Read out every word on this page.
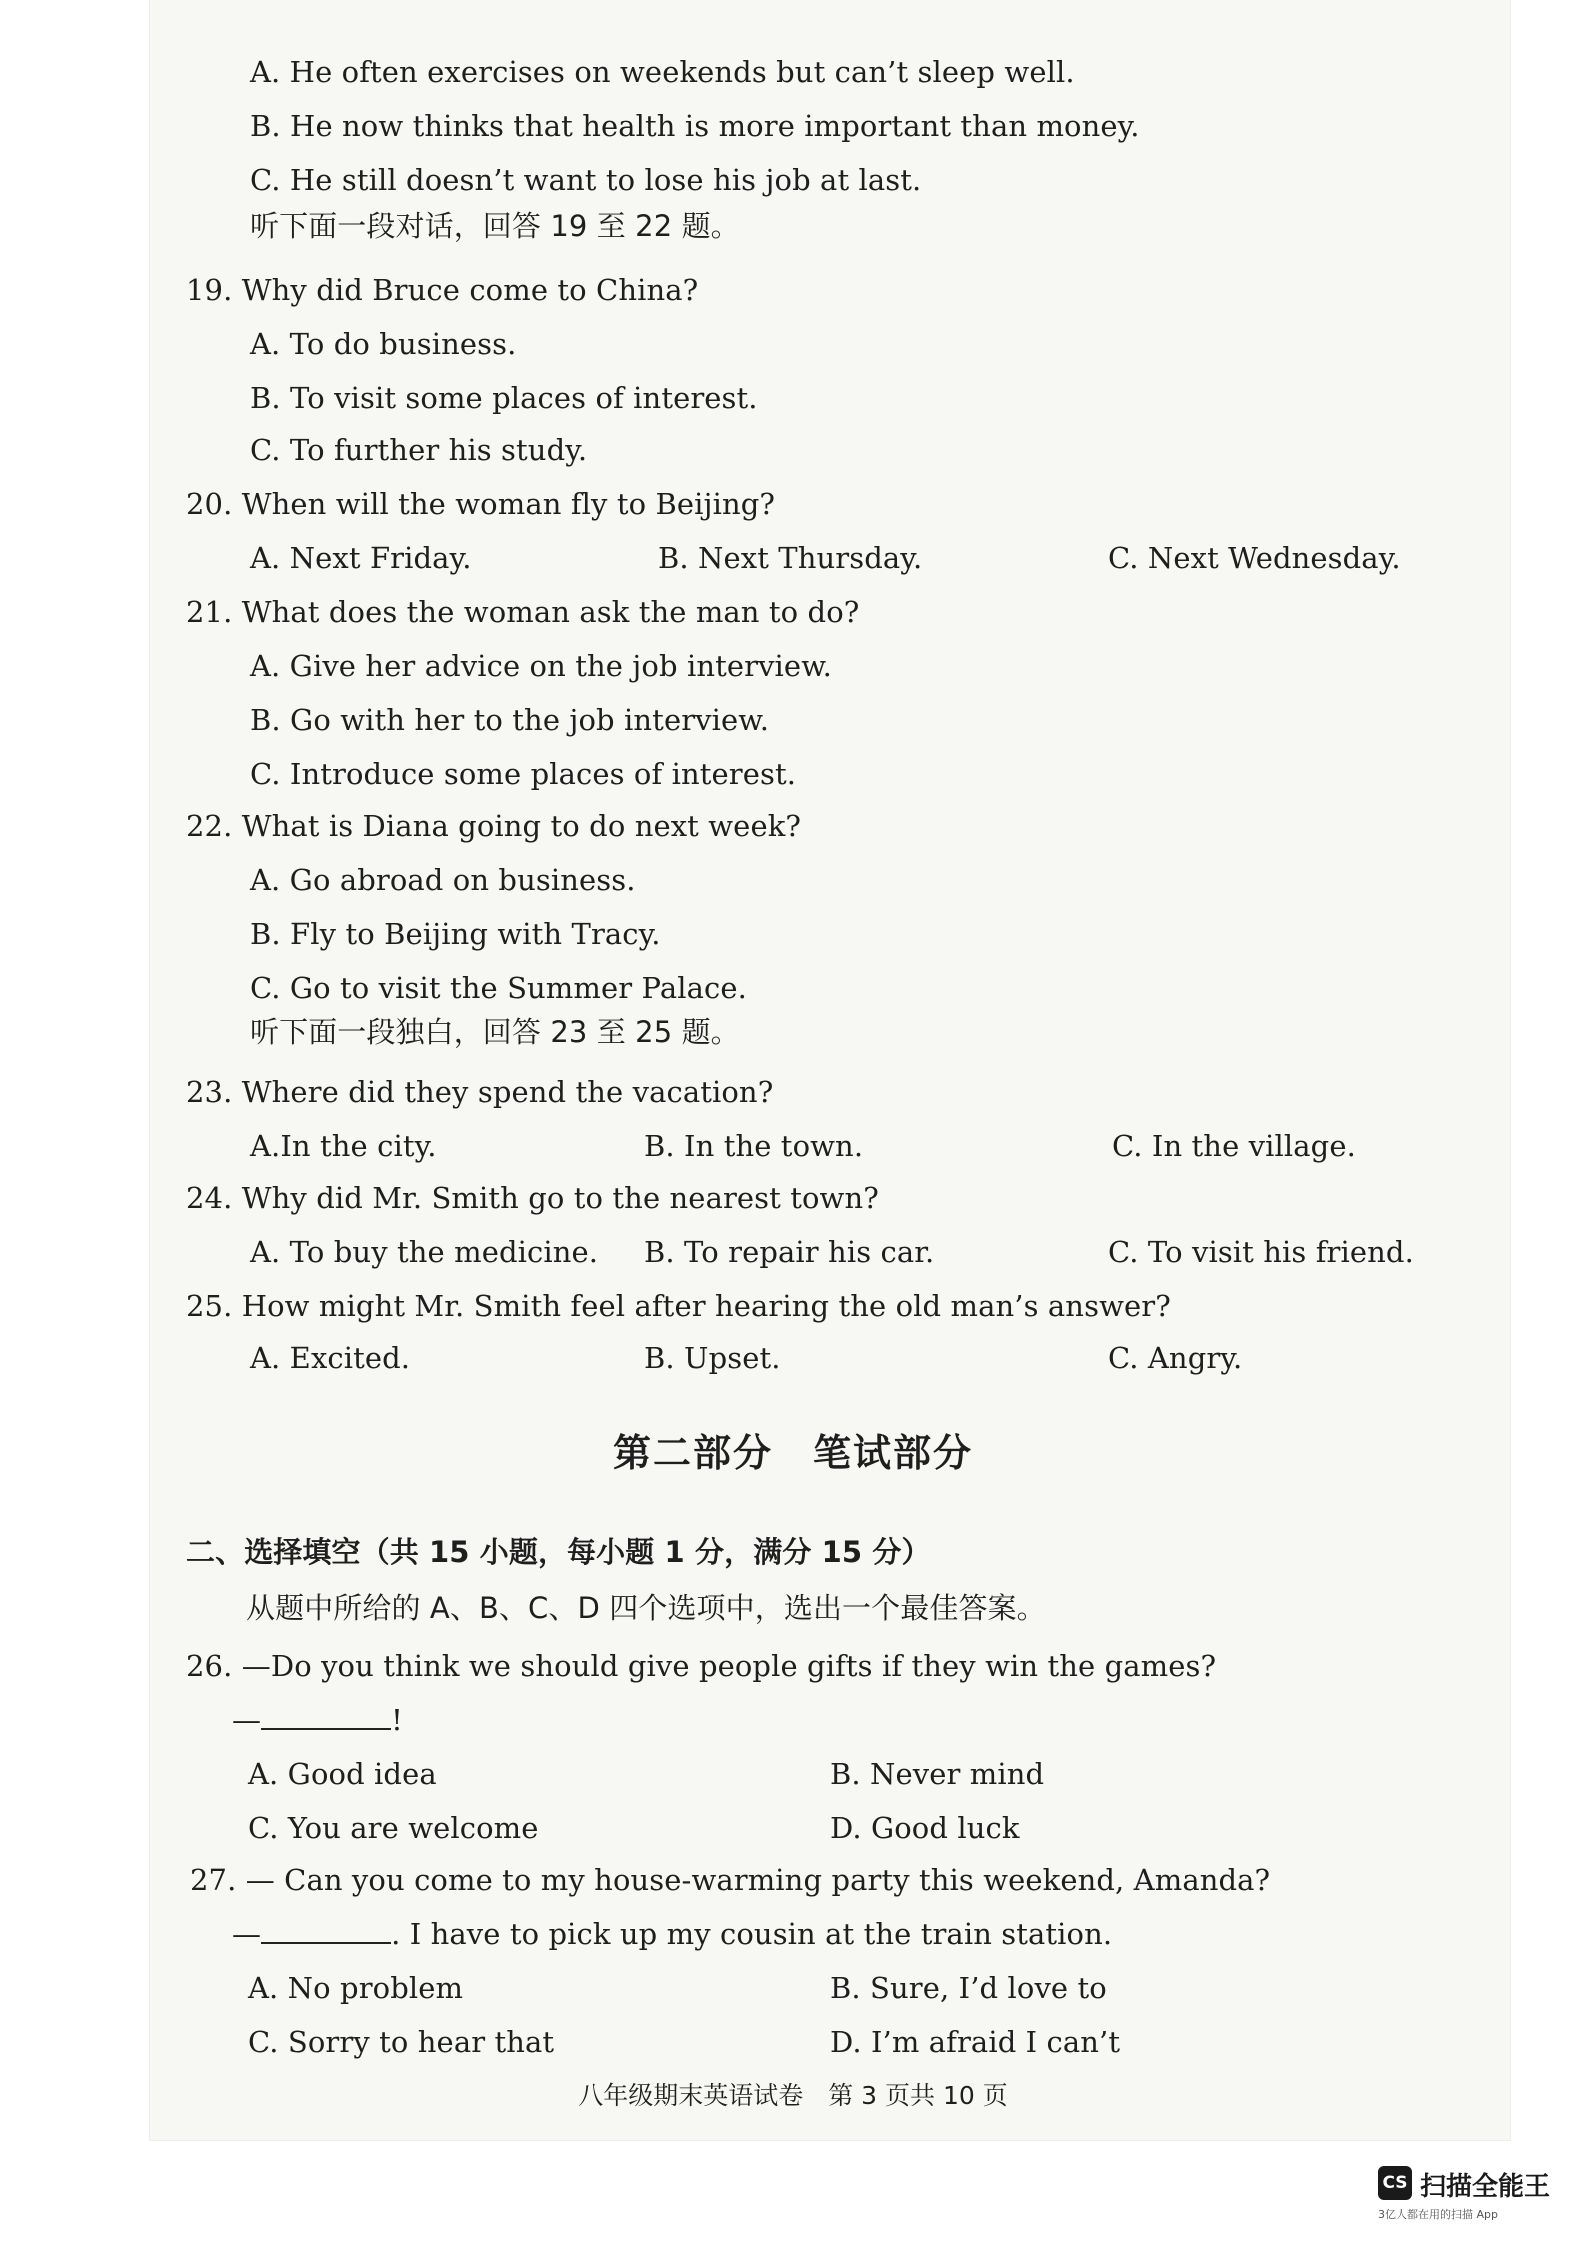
A. He often exercises on weekends but can’t sleep well.
B. He now thinks that health is more important than money.
C. He still doesn’t want to lose his job at last.
听下面一段对话，回答 19 至 22 题。
19. Why did Bruce come to China?
A. To do business.
B. To visit some places of interest.
C. To further his study.
20. When will the woman fly to Beijing?
A. Next Friday.	B. Next Thursday.	C. Next Wednesday.
21. What does the woman ask the man to do?
A. Give her advice on the job interview.
B. Go with her to the job interview.
C. Introduce some places of interest.
22. What is Diana going to do next week?
A. Go abroad on business.
B. Fly to Beijing with Tracy.
C. Go to visit the Summer Palace.
听下面一段独白，回答 23 至 25 题。
23. Where did they spend the vacation?
A.In the city.	B. In the town.	C. In the village.
24. Why did Mr. Smith go to the nearest town?
A. To buy the medicine. B. To repair his car.	C. To visit his friend.
25. How might Mr. Smith feel after hearing the old man’s answer?
A. Excited.	B. Upset.	C. Angry.
第二部分　笔试部分
二、选择填空（共 15 小题，每小题 1 分，满分 15 分）
从题中所给的 A、B、C、D 四个选项中，选出一个最佳答案。
26. —Do you think we should give people gifts if they win the games?
—	!
A. Good idea	B. Never mind
C. You are welcome	D. Good luck
27. — Can you come to my house-warming party this weekend, Amanda?
—	. I have to pick up my cousin at the train station.
A. No problem	B. Sure, I’d love to
C. Sorry to hear that	D. I’m afraid I can’t
八年级期末英语试卷　第 3 页共 10 页
CS 扫描全能王
3亿人都在用的扫描 App
